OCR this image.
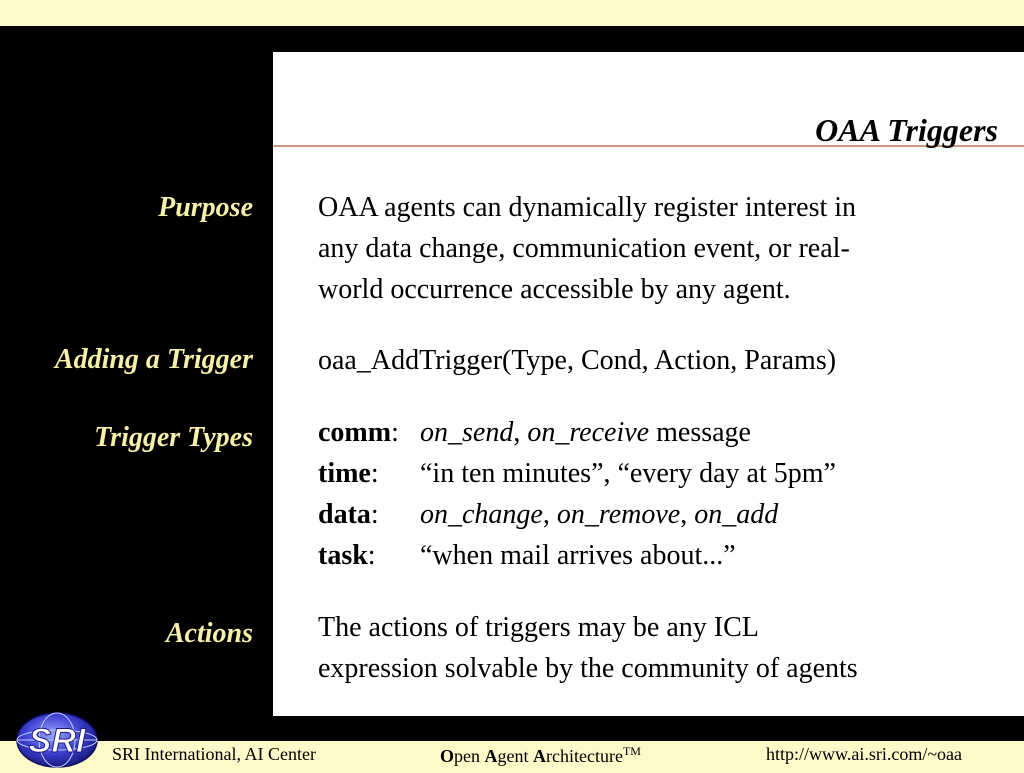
OAA Triggers
Purpose
Adding a Trigger
Trigger Types
Actions
OAA agents can dynamically register interest in
any data change, communication event, or real-
world occurrence accessible by any agent.
oaa_AddTrigger(Type, Cond, Action, Params)
comm: on_send, on_receive message
time:	“in ten minutes”, “every day at 5pm”
data:	on_change, on_remove, on_add
task:	“when mail arrives about...”
The actions of triggers may be any ICL
expression solvable by the community of agents
SRI SRI International, AI Center	Open Agent Architecture™	http://www.ai.sri.com/~oaa
